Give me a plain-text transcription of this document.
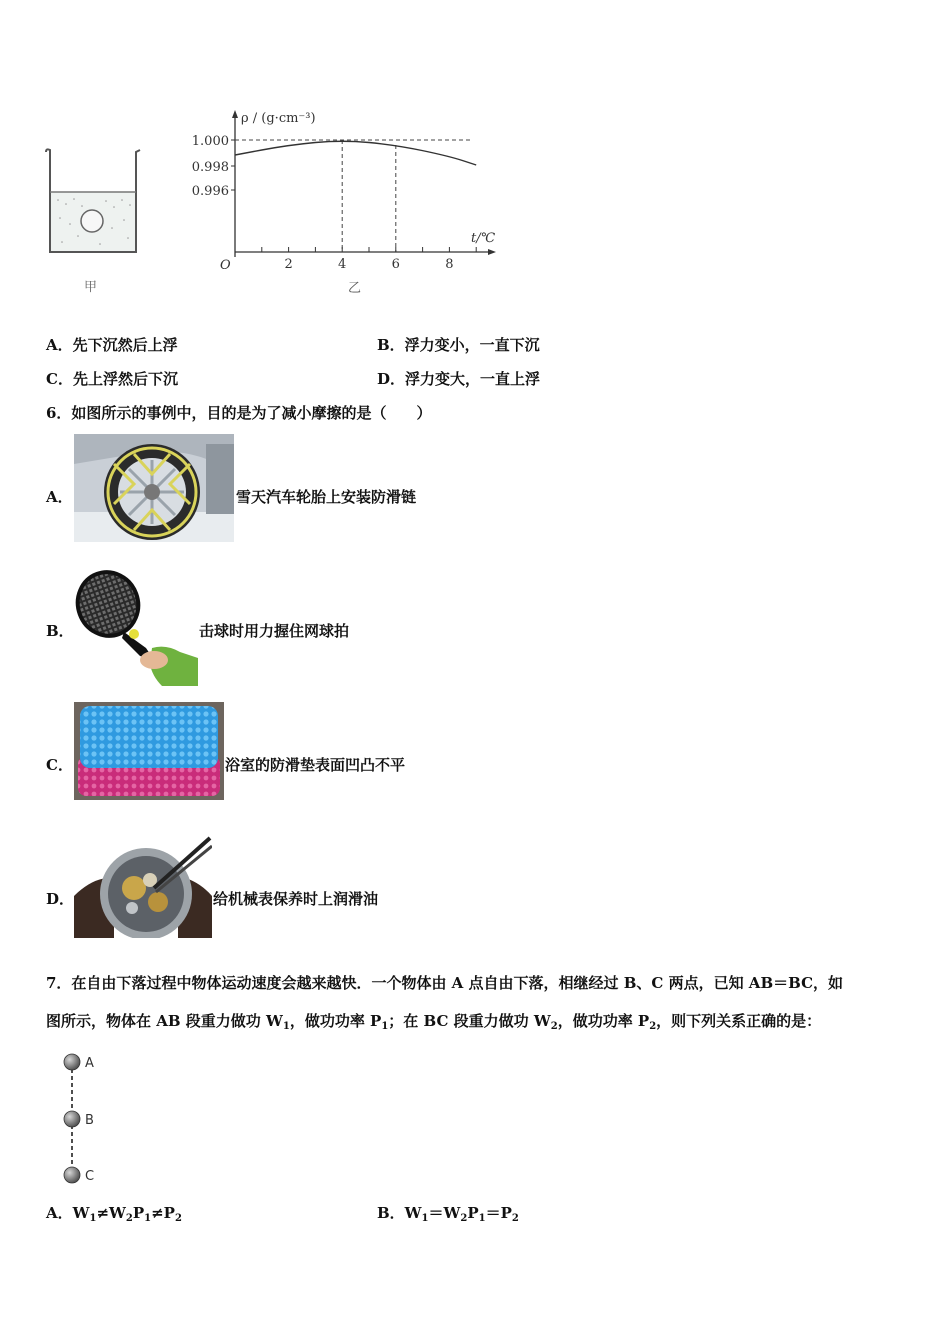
甲
ρ / (g·cm⁻³)
t/℃
O
乙
1.000
0.998
0.996
2	4	6	8
A．先下沉然后上浮	B．浮力变小，一直下沉
C．先上浮然后下沉	D．浮力变大，一直上浮
6．如图所示的事例中，目的是为了减小摩擦的是（　　）
A．	雪天汽车轮胎上安装防滑链
B．	击球时用力握住网球拍
C．	浴室的防滑垫表面凹凸不平
D．	给机械表保养时上润滑油
7．在自由下落过程中物体运动速度会越来越快．一个物体由 A 点自由下落，相继经过 B、C 两点，已知 AB＝BC，如
图所示，物体在 AB 段重力做功 $W_1$，做功功率 $P_1$；在 BC 段重力做功 $W_2$，做功功率 $P_2$，则下列关系正确的是：
A
B
C
A．$W_1\ne W_2P_1\ne P_2$	B．$W_1=W_2P_1=P_2$
